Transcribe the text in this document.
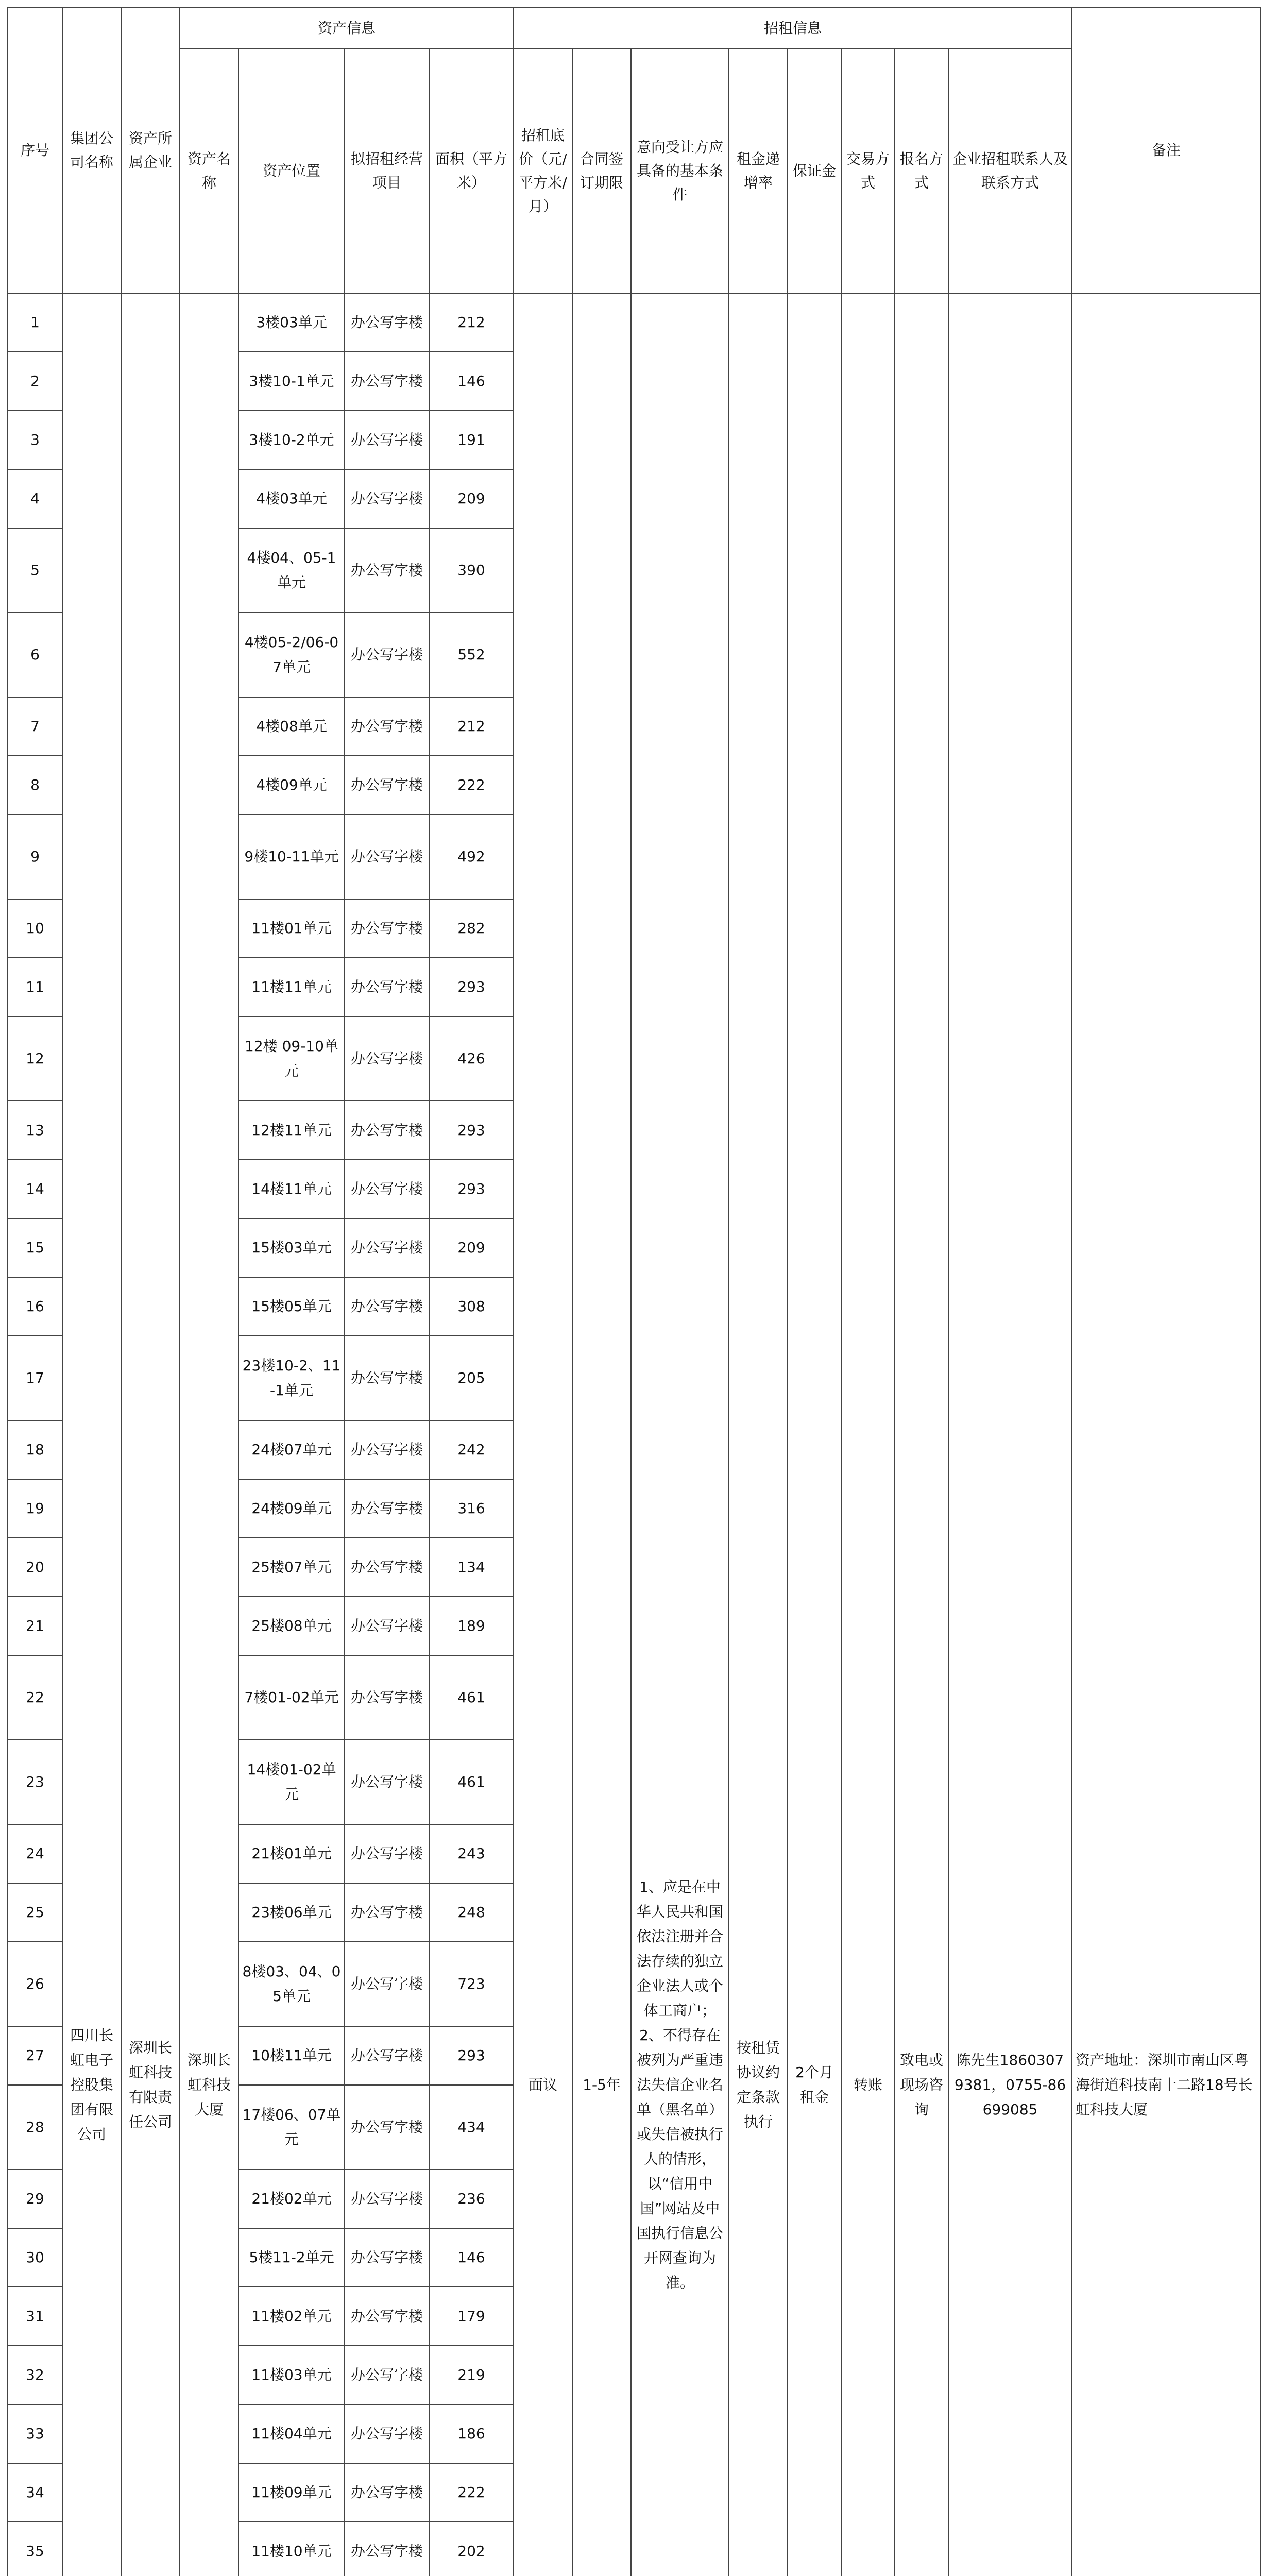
序号	集团公司名称	资产所属企业	资产信息				招租信息								备注
			资产名称	资产位置	拟招租经营项目	面积（平方米）	招租底价（元/平方米/月）	合同签订期限	意向受让方应具备的基本条件	租金递增率	保证金	交易方式	报名方式	企业招租联系人及联系方式	
1	四川长虹电子控股集团有限公司	深圳长虹科技有限责任公司	深圳长虹科技大厦	3楼03单元	办公写字楼	212	面议	1-5年	1、应是在中华人民共和国依法注册并合法存续的独立企业法人或个体工商户；2、不得存在被列为严重违法失信企业名单（黑名单）或失信被执行人的情形，以“信用中国”网站及中国执行信息公开网查询为准。	按租赁协议约定条款执行	2个月租金	转账	致电或现场咨询	陈先生18603079381，0755-86699085	资产地址：深圳市南山区粤海街道科技南十二路18号长虹科技大厦
2				3楼10-1单元	办公写字楼	146									
3				3楼10-2单元	办公写字楼	191									
4				4楼03单元	办公写字楼	209									
5				4楼04、05-1单元	办公写字楼	390									
6				4楼05-2/06-07单元	办公写字楼	552									
7				4楼08单元	办公写字楼	212									
8				4楼09单元	办公写字楼	222									
9				9楼10-11单元	办公写字楼	492									
10				11楼01单元	办公写字楼	282									
11				11楼11单元	办公写字楼	293									
12				12楼 09-10单元	办公写字楼	426									
13				12楼11单元	办公写字楼	293									
14				14楼11单元	办公写字楼	293									
15				15楼03单元	办公写字楼	209									
16				15楼05单元	办公写字楼	308									
17				23楼10-2、11-1单元	办公写字楼	205									
18				24楼07单元	办公写字楼	242									
19				24楼09单元	办公写字楼	316									
20				25楼07单元	办公写字楼	134									
21				25楼08单元	办公写字楼	189									
22				7楼01-02单元	办公写字楼	461									
23				14楼01-02单元	办公写字楼	461									
24				21楼01单元	办公写字楼	243									
25				23楼06单元	办公写字楼	248									
26				8楼03、04、05单元	办公写字楼	723									
27				10楼11单元	办公写字楼	293									
28				17楼06、07单元	办公写字楼	434									
29				21楼02单元	办公写字楼	236									
30				5楼11-2单元	办公写字楼	146									
31				11楼02单元	办公写字楼	179									
32				11楼03单元	办公写字楼	219									
33				11楼04单元	办公写字楼	186									
34				11楼09单元	办公写字楼	222									
35				11楼10单元	办公写字楼	202									
